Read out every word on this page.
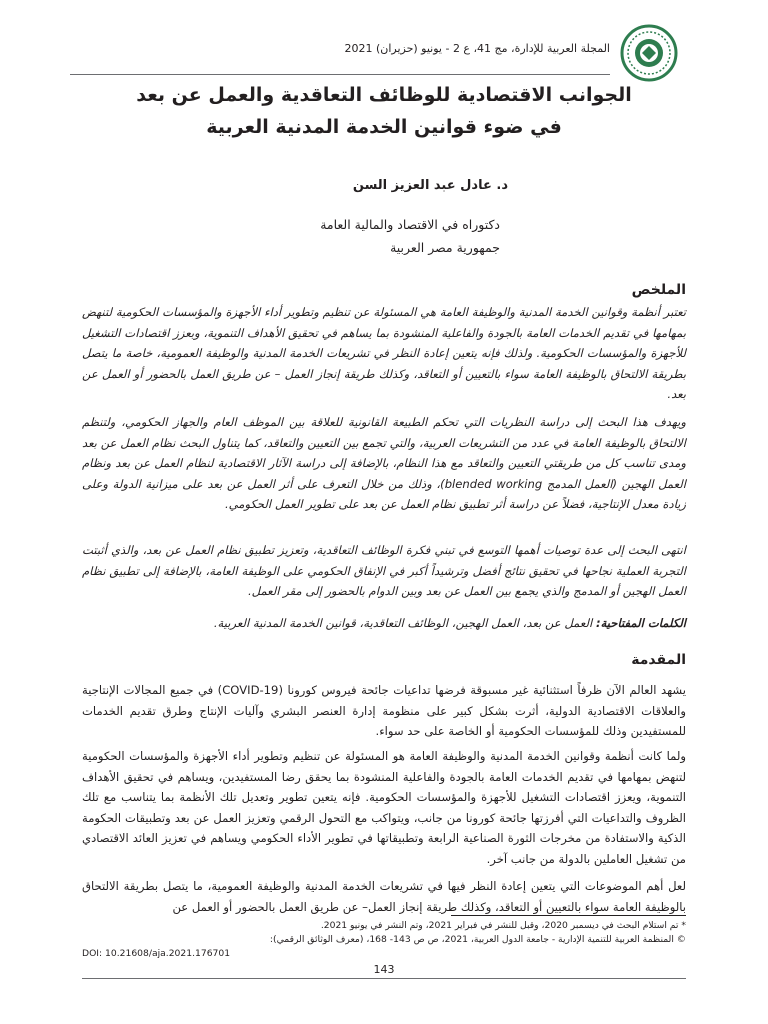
المجلة العربية للإدارة، مج 41، ع 2 - يونيو (حزيران) 2021
الجوانب الاقتصادية للوظائف التعاقدية والعمل عن بعد
في ضوء قوانين الخدمة المدنية العربية
د. عادل عبد العزيز السن
دكتوراه في الاقتصاد والمالية العامة
جمهورية مصر العربية
الملخص

تعتبر أنظمة وقوانين الخدمة المدنية والوظيفة العامة هي المسئولة عن تنظيم وتطوير أداء الأجهزة والمؤسسات الحكومية لتنهض بمهامها في تقديم الخدمات العامة بالجودة والفاعلية المنشودة بما يساهم في تحقيق الأهداف التنموية، وبعزز اقتصادات التشغيل للأجهزة والمؤسسات الحكومية. ولذلك فإنه يتعين إعادة النظر في تشريعات الخدمة المدنية والوظيفة العمومية، خاصة ما يتصل بطريقة الالتحاق بالوظيفة العامة سواء بالتعيين أو التعاقد، وكذلك طريقة إنجاز العمل – عن طريق العمل بالحضور أو العمل عن بعد.

ويهدف هذا البحث إلى دراسة النظريات التي تحكم الطبيعة القانونية للعلاقة بين الموظف العام والجهاز الحكومي، ولتنظم الالتحاق بالوظيفة العامة في عدد من التشريعات العربية، والتي تجمع بين التعيين والتعاقد، كما يتناول البحث نظام العمل عن بعد ومدى تناسب كل من طريقتي التعيين والتعاقد مع هذا النظام، بالإضافة إلى دراسة الآثار الاقتصادية لنظام العمل عن بعد ونظام العمل الهجين (العمل المدمج blended working)، وذلك من خلال التعرف على أثر العمل عن بعد على ميزانية الدولة وعلى زيادة معدل الإنتاجية، فضلاً عن دراسة أثر تطبيق نظام العمل عن بعد على تطوير العمل الحكومي.

انتهى البحث إلى عدة توصيات أهمها التوسع في تبني فكرة الوظائف التعاقدية، وتعزيز تطبيق نظام العمل عن بعد، والذي أثبتت التجربة العملية نجاحها في تحقيق نتائج أفضل وترشيداً أكبر في الإنفاق الحكومي على الوظيفة العامة، بالإضافة إلى تطبيق نظام العمل الهجين أو المدمج والذي يجمع بين العمل عن بعد وبين الدوام بالحضور إلى مقر العمل.

الكلمات المفتاحية: العمل عن بعد، العمل الهجين، الوظائف التعاقدية، قوانين الخدمة المدنية العربية.

المقدمة

يشهد العالم الآن ظرفاً استثنائية غير مسبوقة فرضها تداعيات جائحة فيروس كورونا (COVID-19) في جميع المجالات الإنتاجية والعلاقات الاقتصادية الدولية، أثرت بشكل كبير على منظومة إدارة العنصر البشري وآليات الإنتاج وطرق تقديم الخدمات للمستفيدين وذلك للمؤسسات الحكومية أو الخاصة على حد سواء.

ولما كانت أنظمة وقوانين الخدمة المدنية والوظيفة العامة هو المسئولة عن تنظيم وتطوير أداء الأجهزة والمؤسسات الحكومية لتنهض بمهامها في تقديم الخدمات العامة بالجودة والفاعلية المنشودة بما يحقق رضا المستفيدين، ويساهم في تحقيق الأهداف التنموية، ويعزز اقتصادات التشغيل للأجهزة والمؤسسات الحكومية. فإنه يتعين تطوير وتعديل تلك الأنظمة بما يتناسب مع تلك الظروف والتداعيات التي أفرزتها جائحة كورونا من جانب، ويتواكب مع التحول الرقمي وتعزيز العمل عن بعد وتطبيقات الحكومة الذكية والاستفادة من مخرجات الثورة الصناعية الرابعة وتطبيقاتها في تطوير الأداء الحكومي ويساهم في تعزيز العائد الاقتصادي من تشغيل العاملين بالدولة من جانب آخر.

لعل أهم الموضوعات التي يتعين إعادة النظر فيها في تشريعات الخدمة المدنية والوظيفة العمومية، ما يتصل بطريقة الالتحاق بالوظيفة العامة سواء بالتعيين أو التعاقد، وكذلك طريقة إنجاز العمل– عن طريق العمل بالحضور أو العمل عن

* تم استلام البحث في ديسمبر 2020، وقبل للنشر في فبراير 2021، وتم النشر في يونيو 2021.
© المنظمة العربية للتنمية الإدارية - جامعة الدول العربية، 2021، ص ص 143- 168، (معرف الوثائق الرقمي):
DOI: 10.21608/aja.2021.176701
143
